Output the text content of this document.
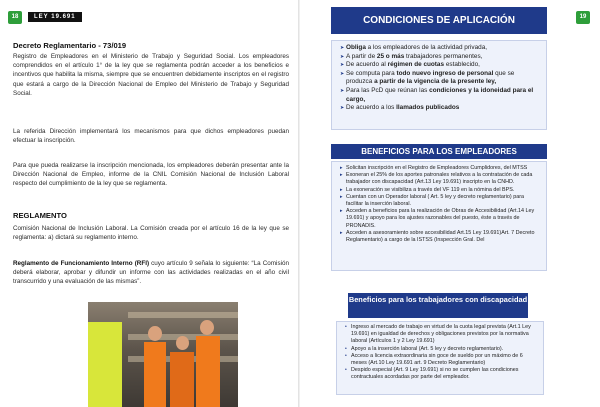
18	LEY 19.691
Decreto Reglamentario - 73/019
Registro de Empleadores en el Ministerio de Trabajo y Seguridad Social. Los empleadores comprendidos en el artículo 1° de la ley que se reglamenta podrán acceder a los beneficios e incentivos que habilita la misma, siempre que se encuentren debidamente inscriptos en el registro que estará a cargo de la Dirección Nacional de Empleo del Ministerio de Trabajo y Seguridad Social.
La referida Dirección implementará los mecanismos para que dichos empleadores puedan efectuar la inscripción.
Para que pueda realizarse la inscripción mencionada, los empleadores deberán presentar ante la Dirección Nacional de Empleo, informe de la CNIL Comisión Nacional de Inclusión Laboral respecto del cumplimiento de la ley que se reglamenta.
REGLAMENTO
Comisión Nacional de Inclusión Laboral. La Comisión creada por el artículo 16 de la ley que se reglamenta: a) dictará su reglamento interno.
Reglamento de Funcionamiento Interno (RFI) cuyo artículo 9 señala lo siguiente: “La Comisión deberá elaborar, aprobar y difundir un informe con las actividades realizadas en el año civil transcurrido y una evaluación de las mismas”.
19
CONDICIONES DE APLICACIÓN
➤ Obliga a los empleadores de la actividad privada,
➤ A partir de 25 o más trabajadores permanentes,
➤ De acuerdo al régimen de cuotas establecido,
➤ Se computa para todo nuevo ingreso de personal que se produzca a partir de la vigencia de la presente ley,
➤ Para las PcD que reúnan las condiciones y la idoneidad para el cargo,
➤ De acuerdo a los llamados publicados
BENEFICIOS PARA LOS EMPLEADORES
▸ Solicitan inscripción en el Registro de Empleadores Cumplidores, del MTSS
▸ Exoneran el 25% de los aportes patronales relativos a la contratación de cada trabajador con discapacidad (Art.13 Ley 19.691) inscripto en la CNHD.
▸ La exoneración se visibiliza a través del VF 119 en la nómina del BPS.
▸ Cuentan con un Operador laboral ( Art. 5 ley y decreto reglamentario) para facilitar la inserción laboral.
▸ Acceden a beneficios para la realización de Obras de Accesibilidad (Art.14 Ley 19.691) y apoyo para los ajustes razonables del puesto, éste a través de PRONADIS.
▸ Acceden a asesoramiento sobre accesibilidad Art.15 Ley 19.691)Art. 7 Decreto Reglamentario) a cargo de la ISTSS (Inspección Gral. Del
Beneficios para los trabajadores con discapacidad
• Ingreso al mercado de trabajo en virtud de la cuota legal prevista (Art.1 Ley 19.691) en igualdad de derechos y obligaciones previstos por la normativa laboral (Artículos 1 y 2 Ley 19.691)
• Apoyo a la inserción laboral (Art. 5 ley y decreto reglamentario).
• Acceso a licencia extraordinaria sin goce de sueldo por un máximo de 6 meses (Art.10 Ley 19.691 art. 9 Decreto Reglamentario)
• Despido especial (Art. 9 Ley 19.691) si no se cumplen las condiciones contractuales acordadas por parte del empleador.
